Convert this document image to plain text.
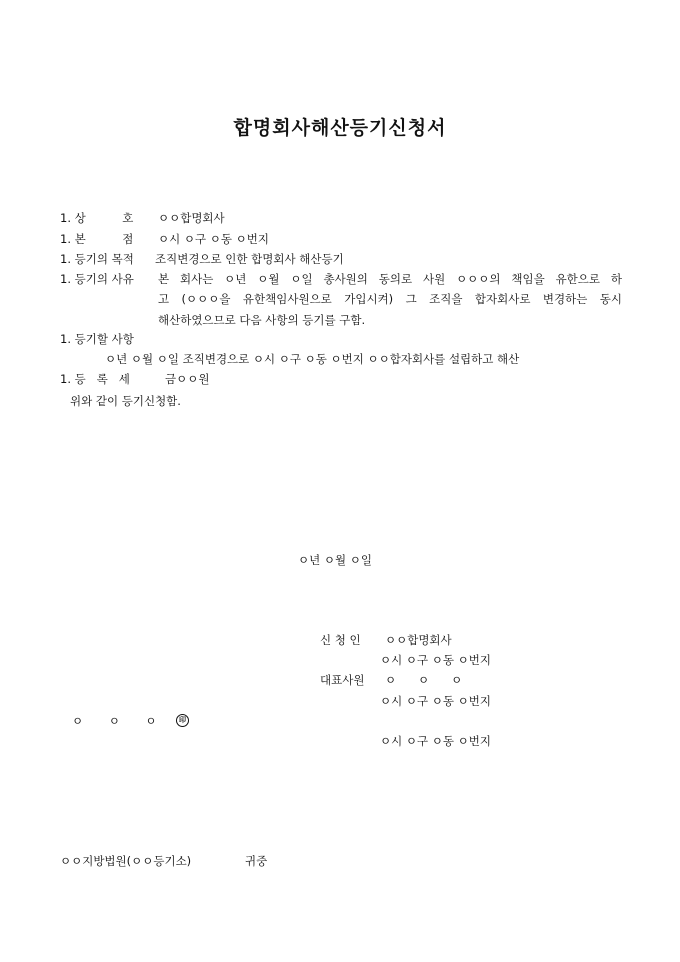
합명회사해산등기신청서
1. 상          호 ㅇㅇ합명회사
1. 본          점 ㅇ시 ㅇ구 ㅇ동 ㅇ번지
1. 등기의 목적 조직변경으로 인한 합명회사 해산등기
1. 등기의 사유 본 회사는 ㅇ년 ㅇ월 ㅇ일 총사원의 동의로 사원 ㅇㅇㅇ의 책임을 유한으로 하
고 (ㅇㅇㅇ을 유한책임사원으로 가입시켜) 그 조직을 합자회사로 변경하는 동시
해산하였으므로 다음 사항의 등기를 구함.
1. 등기할 사항
ㅇ년 ㅇ월 ㅇ일 조직변경으로 ㅇ시 ㅇ구 ㅇ동 ㅇ번지 ㅇㅇ합자회사를 설립하고 해산
1. 등   록   세	금ㅇㅇ원
위와 같이 등기신청함.
ㅇ년 ㅇ월 ㅇ일
신 청 인 ㅇㅇ합명회사
ㅇ시 ㅇ구 ㅇ동 ㅇ번지
대표사원 ㅇ      ㅇ      ㅇ
ㅇ시 ㅇ구 ㅇ동 ㅇ번지
ㅇ       ㅇ       ㅇ	印
ㅇ시 ㅇ구 ㅇ동 ㅇ번지
ㅇㅇ지방법원(ㅇㅇ등기소)	귀중
